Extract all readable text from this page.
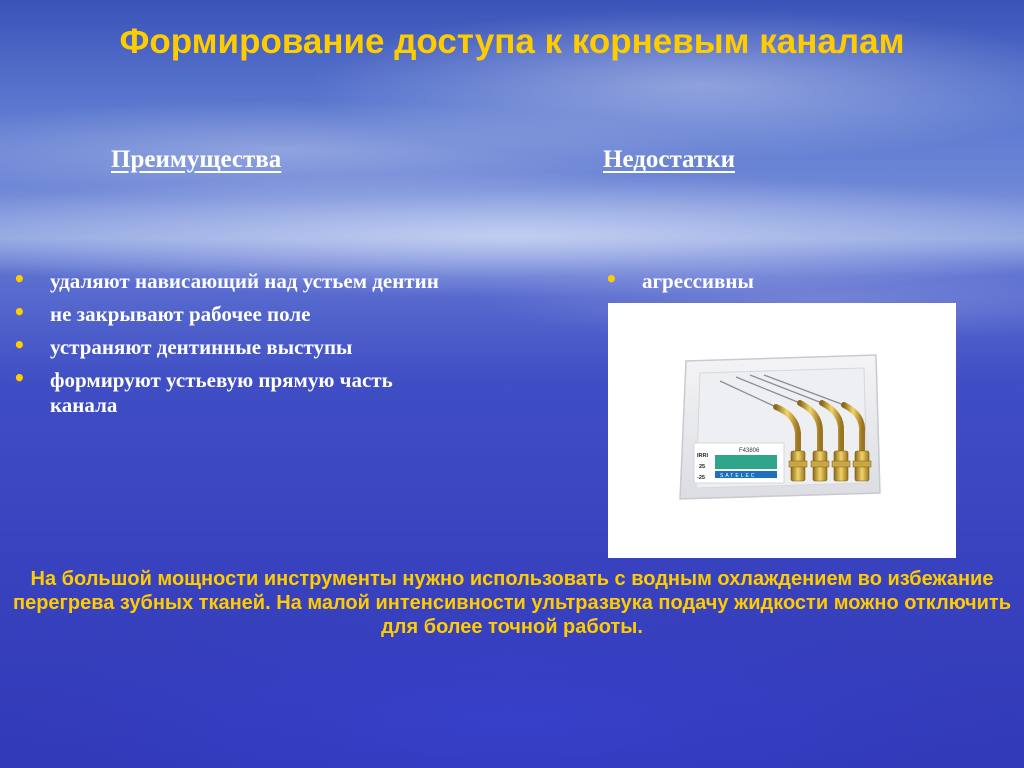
Формирование доступа к корневым каналам
Преимущества	Недостатки
• удаляют нависающий над устьем дентин
• не закрывают рабочее поле
• устраняют дентинные выступы
• формируют устьевую прямую часть канала
• агрессивны
F43806
IRRI
25
-25	SATELEC
На большой мощности инструменты нужно использовать с водным охлаждением во избежание перегрева зубных тканей. На малой интенсивности ультразвука подачу жидкости можно отключить для более точной работы.
